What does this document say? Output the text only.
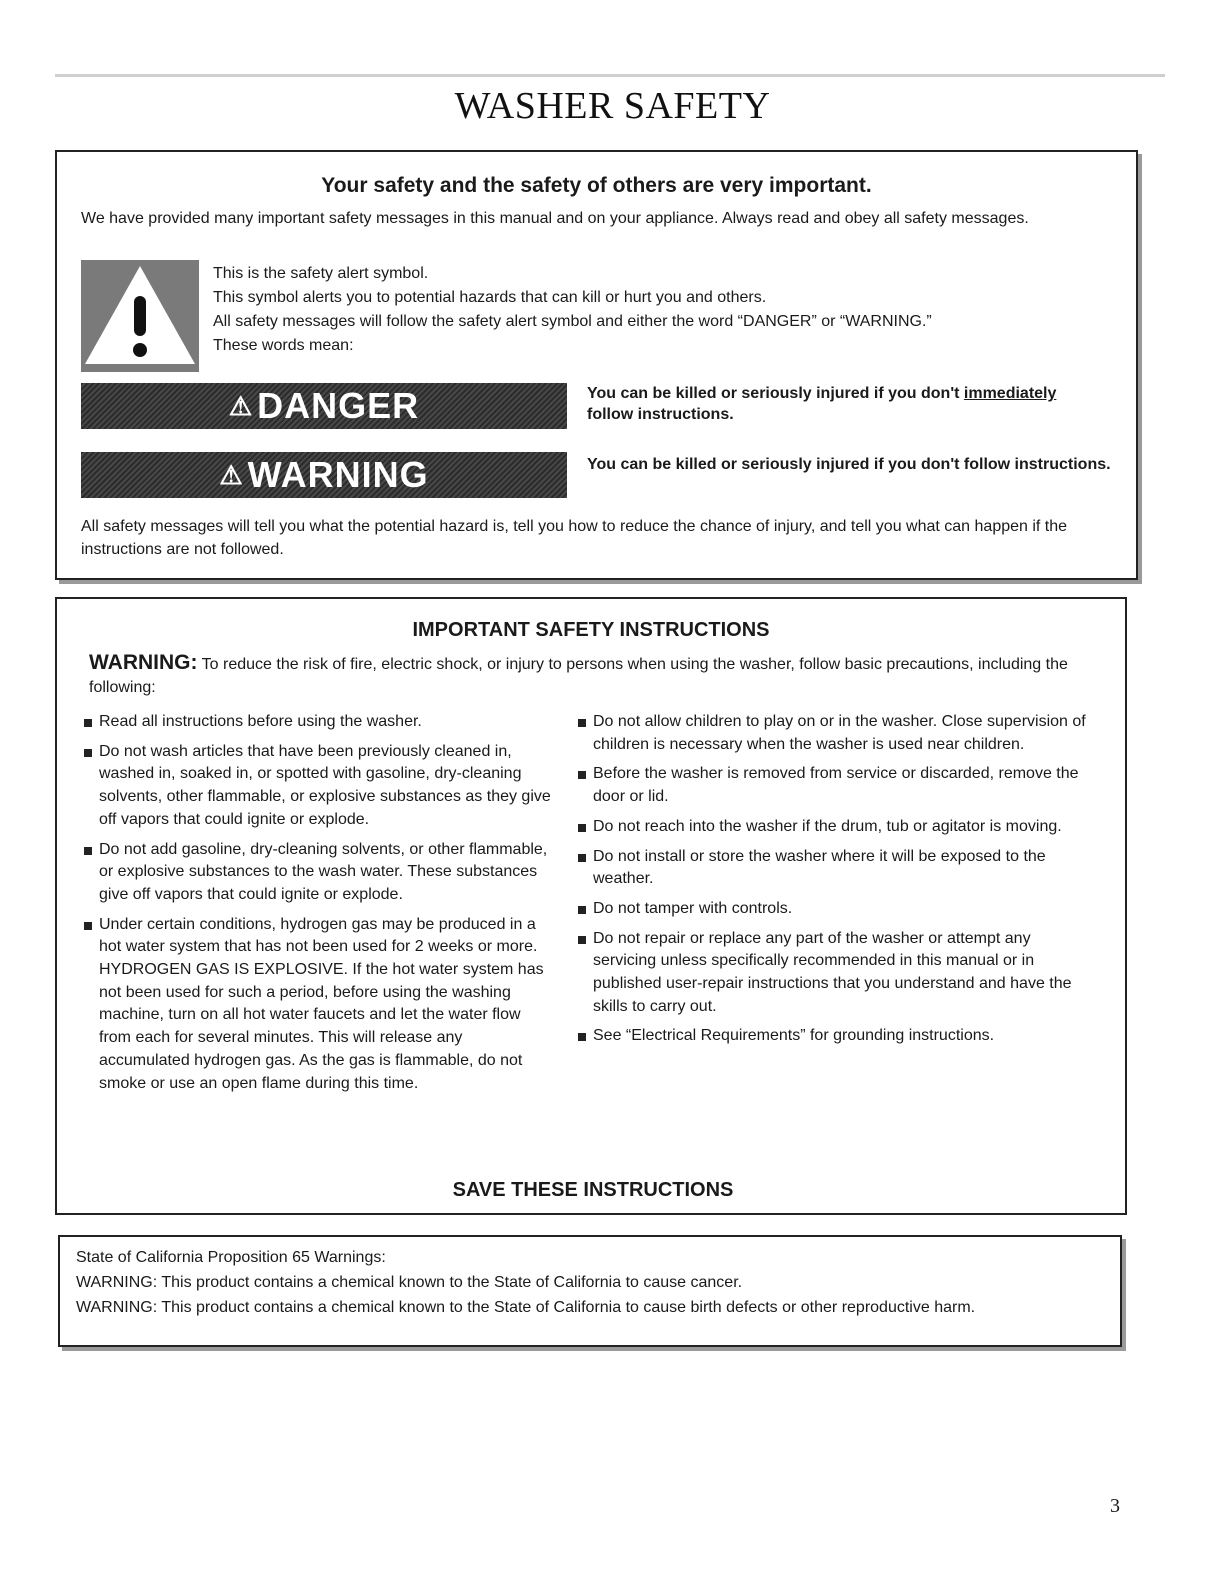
WASHER SAFETY
Your safety and the safety of others are very important.
We have provided many important safety messages in this manual and on your appliance. Always read and obey all safety messages.
This is the safety alert symbol.
This symbol alerts you to potential hazards that can kill or hurt you and others.
All safety messages will follow the safety alert symbol and either the word “DANGER” or “WARNING.”
These words mean:
⚠ DANGER	You can be killed or seriously injured if you don't immediately
follow instructions.
⚠ WARNING	You can be killed or seriously injured if you don't follow instructions.
All safety messages will tell you what the potential hazard is, tell you how to reduce the chance of injury, and tell you what can happen if the instructions are not followed.
IMPORTANT SAFETY INSTRUCTIONS
WARNING: To reduce the risk of fire, electric shock, or injury to persons when using the washer, follow basic precautions, including the following:
Read all instructions before using the washer.
Do not wash articles that have been previously cleaned in, washed in, soaked in, or spotted with gasoline, dry-cleaning solvents, other flammable, or explosive substances as they give off vapors that could ignite or explode.
Do not add gasoline, dry-cleaning solvents, or other flammable, or explosive substances to the wash water. These substances give off vapors that could ignite or explode.
Under certain conditions, hydrogen gas may be produced in a hot water system that has not been used for 2 weeks or more. HYDROGEN GAS IS EXPLOSIVE. If the hot water system has not been used for such a period, before using the washing machine, turn on all hot water faucets and let the water flow from each for several minutes. This will release any accumulated hydrogen gas. As the gas is flammable, do not smoke or use an open flame during this time.
Do not allow children to play on or in the washer. Close supervision of children is necessary when the washer is used near children.
Before the washer is removed from service or discarded, remove the door or lid.
Do not reach into the washer if the drum, tub or agitator is moving.
Do not install or store the washer where it will be exposed to the weather.
Do not tamper with controls.
Do not repair or replace any part of the washer or attempt any servicing unless specifically recommended in this manual or in published user-repair instructions that you understand and have the skills to carry out.
See “Electrical Requirements” for grounding instructions.
SAVE THESE INSTRUCTIONS
State of California Proposition 65 Warnings:
WARNING: This product contains a chemical known to the State of California to cause cancer.
WARNING: This product contains a chemical known to the State of California to cause birth defects or other reproductive harm.
3
